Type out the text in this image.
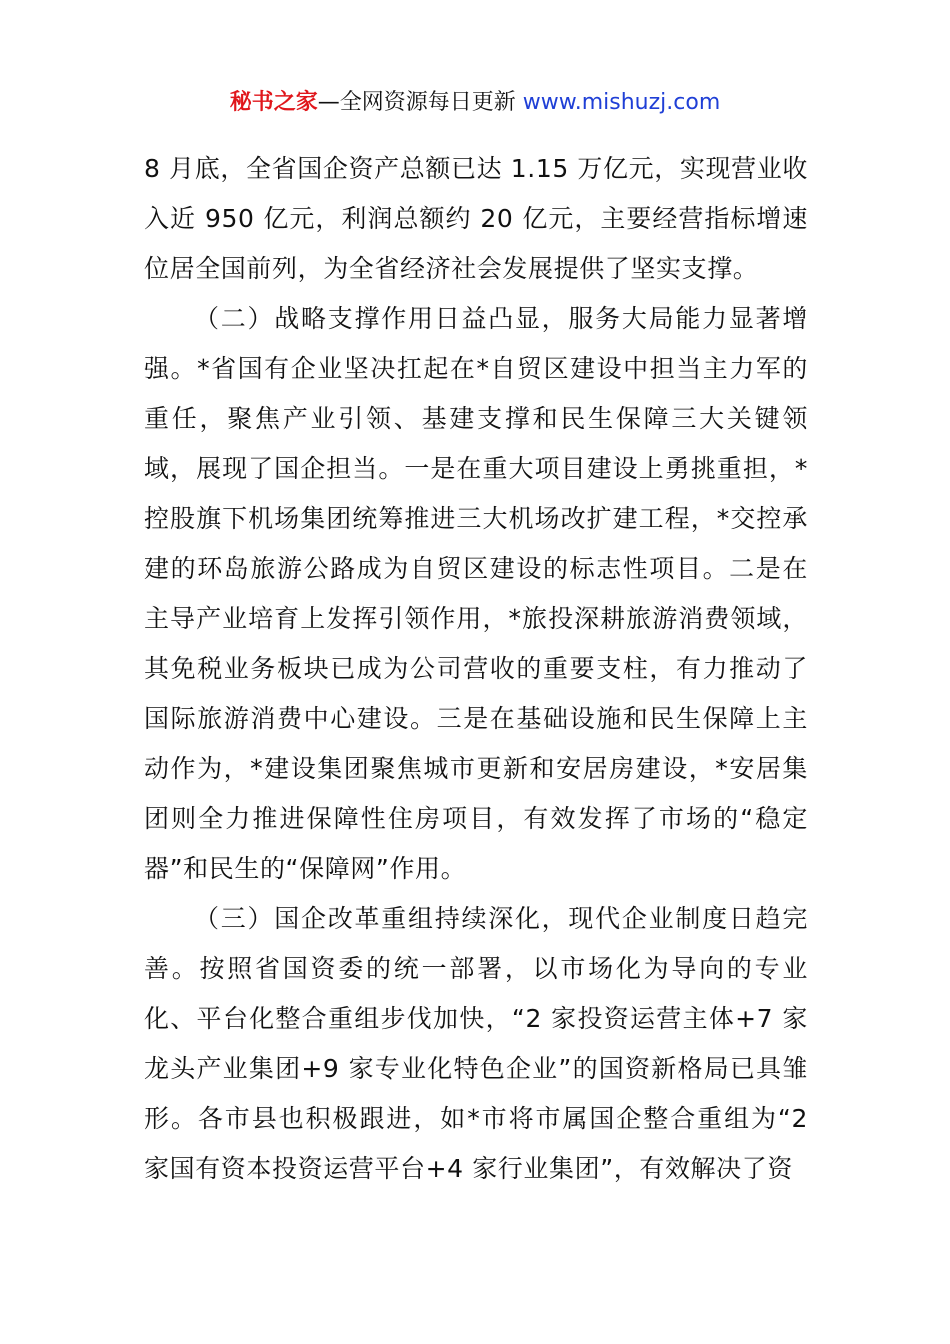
秘书之家—全网资源每日更新 www.mishuzj.com

8 月底，全省国企资产总额已达 1.15 万亿元，实现营业收入近 950 亿元，利润总额约 20 亿元，主要经营指标增速位居全国前列，为全省经济社会发展提供了坚实支撑。

（二）战略支撑作用日益凸显，服务大局能力显著增强。*省国有企业坚决扛起在*自贸区建设中担当主力军的重任，聚焦产业引领、基建支撑和民生保障三大关键领域，展现了国企担当。一是在重大项目建设上勇挑重担，*控股旗下机场集团统筹推进三大机场改扩建工程，*交控承建的环岛旅游公路成为自贸区建设的标志性项目。二是在主导产业培育上发挥引领作用，*旅投深耕旅游消费领域，其免税业务板块已成为公司营收的重要支柱，有力推动了国际旅游消费中心建设。三是在基础设施和民生保障上主动作为，*建设集团聚焦城市更新和安居房建设，*安居集团则全力推进保障性住房项目，有效发挥了市场的“稳定器”和民生的“保障网”作用。

（三）国企改革重组持续深化，现代企业制度日趋完善。按照省国资委的统一部署，以市场化为导向的专业化、平台化整合重组步伐加快，“2 家投资运营主体+7 家龙头产业集团+9 家专业化特色企业”的国资新格局已具雏形。各市县也积极跟进，如*市将市属国企整合重组为“2 家国有资本投资运营平台+4 家行业集团”，有效解决了资
